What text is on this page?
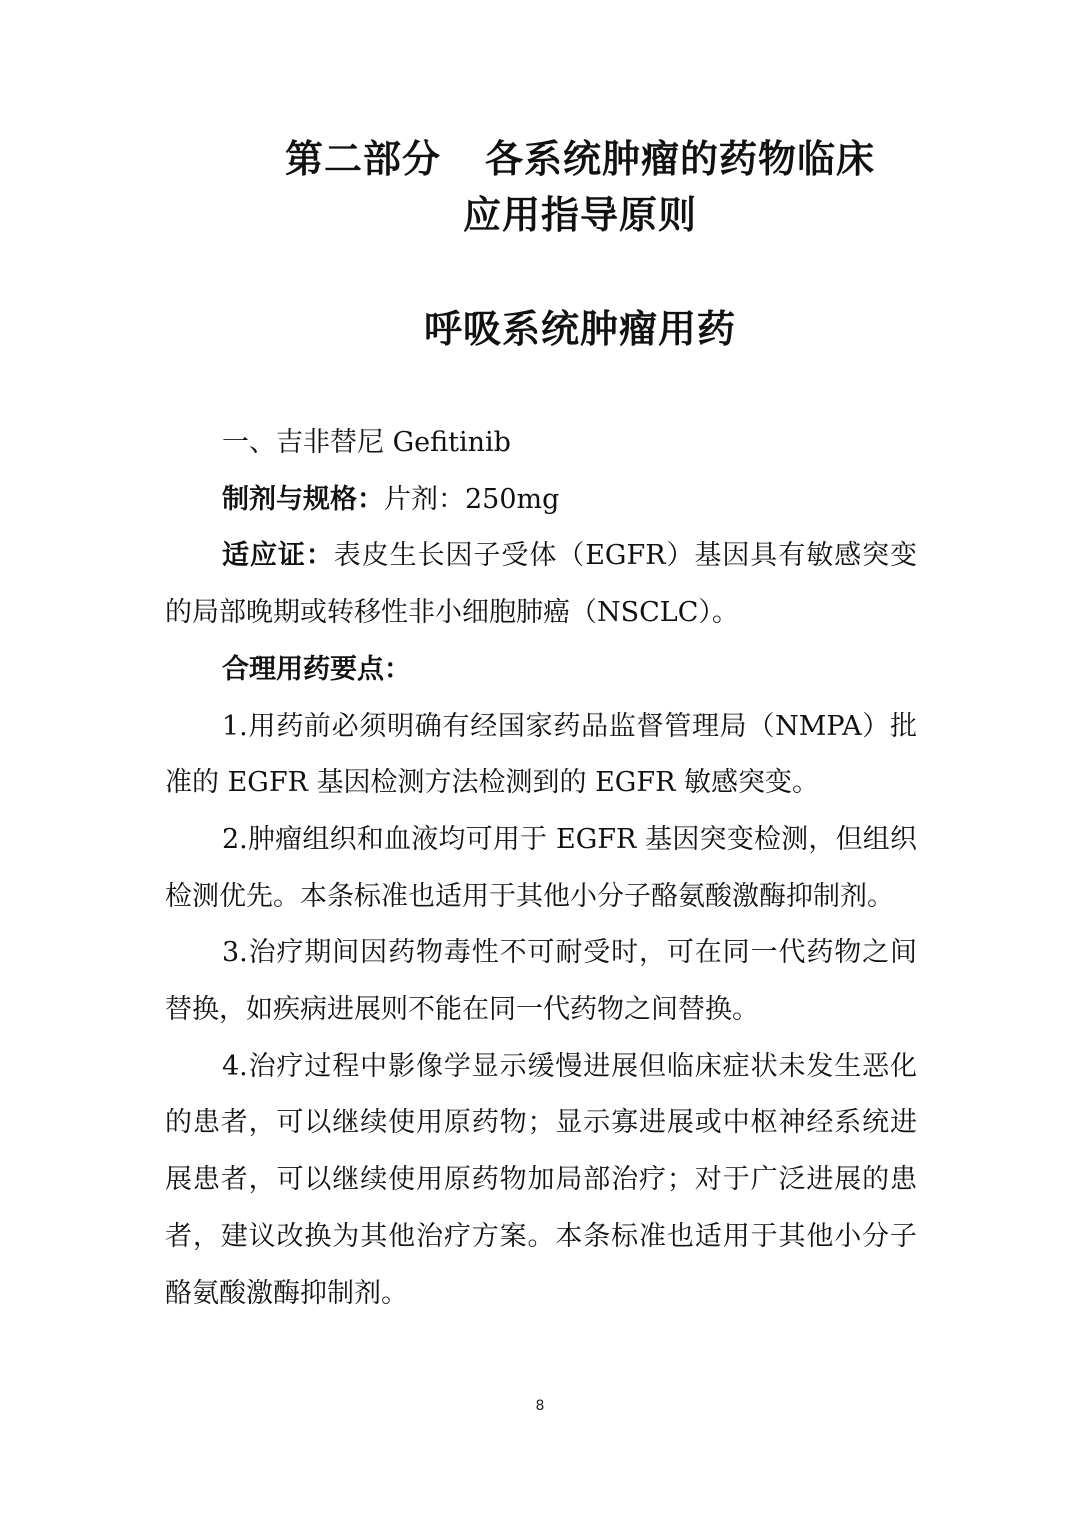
第二部分 各系统肿瘤的药物临床
应用指导原则
呼吸系统肿瘤用药

一、吉非替尼 Gefitinib

制剂与规格：片剂：250mg

适应证：表皮生长因子受体（EGFR）基因具有敏感突变的局部晚期或转移性非小细胞肺癌（NSCLC）。

合理用药要点：

1.用药前必须明确有经国家药品监督管理局（NMPA）批准的 EGFR 基因检测方法检测到的 EGFR 敏感突变。

2.肿瘤组织和血液均可用于 EGFR 基因突变检测，但组织检测优先。本条标准也适用于其他小分子酪氨酸激酶抑制剂。

3.治疗期间因药物毒性不可耐受时，可在同一代药物之间替换，如疾病进展则不能在同一代药物之间替换。

4.治疗过程中影像学显示缓慢进展但临床症状未发生恶化的患者，可以继续使用原药物；显示寡进展或中枢神经系统进展患者，可以继续使用原药物加局部治疗；对于广泛进展的患者，建议改换为其他治疗方案。本条标准也适用于其他小分子酪氨酸激酶抑制剂。

8
